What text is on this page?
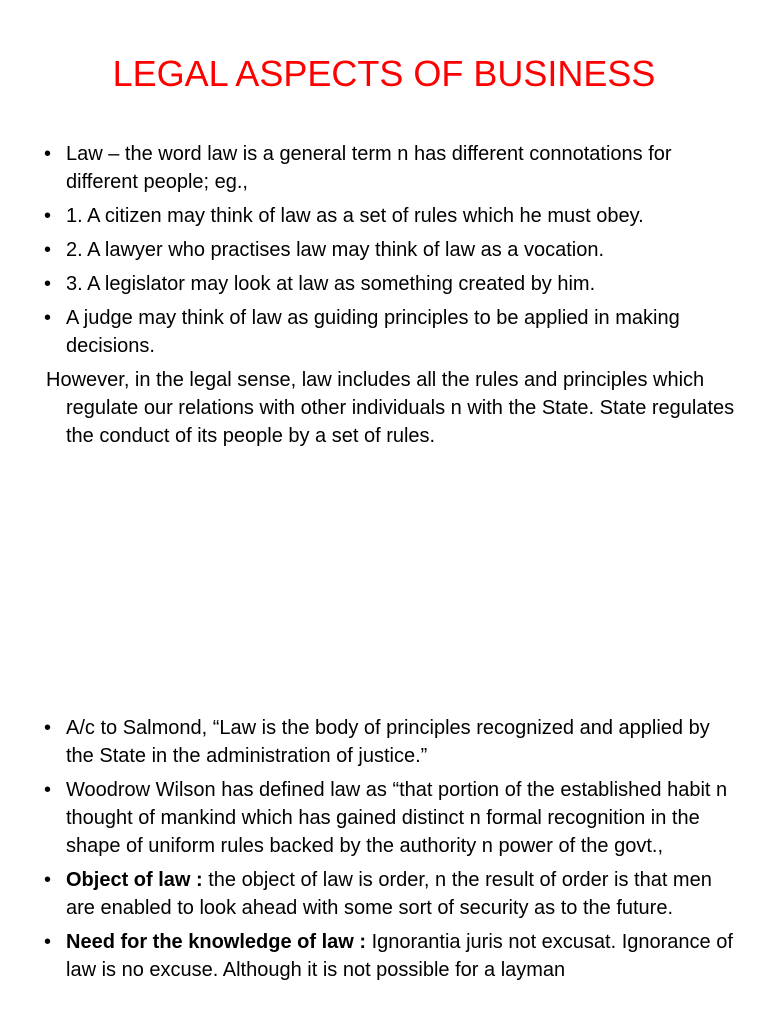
LEGAL ASPECTS OF BUSINESS
• Law – the word law is a general term n has different connotations for different people; eg.,
• 1. A citizen may think of law as a set of rules which he must obey.
• 2. A lawyer who practises law may think of law as a vocation.
• 3. A legislator may look at law as something created by him.
• A judge may think of law as guiding principles to be applied in making decisions.
However, in the legal sense, law includes all the rules and principles which regulate our relations with other individuals n with the State. State regulates the conduct of its people by a set of rules.
• A/c to Salmond, “Law is the body of principles recognized and applied by the State in the administration of justice.”
• Woodrow Wilson has defined law as “that portion of the established habit n thought of mankind which has gained distinct n formal recognition in the shape of uniform rules backed by the authority n power of the govt.,
• Object of law : the object of law is order, n the result of order is that men are enabled to look ahead with some sort of security as to the future.
• Need for the knowledge of law : Ignorantia juris not excusat. Ignorance of law is no excuse. Although it is not possible for a layman
